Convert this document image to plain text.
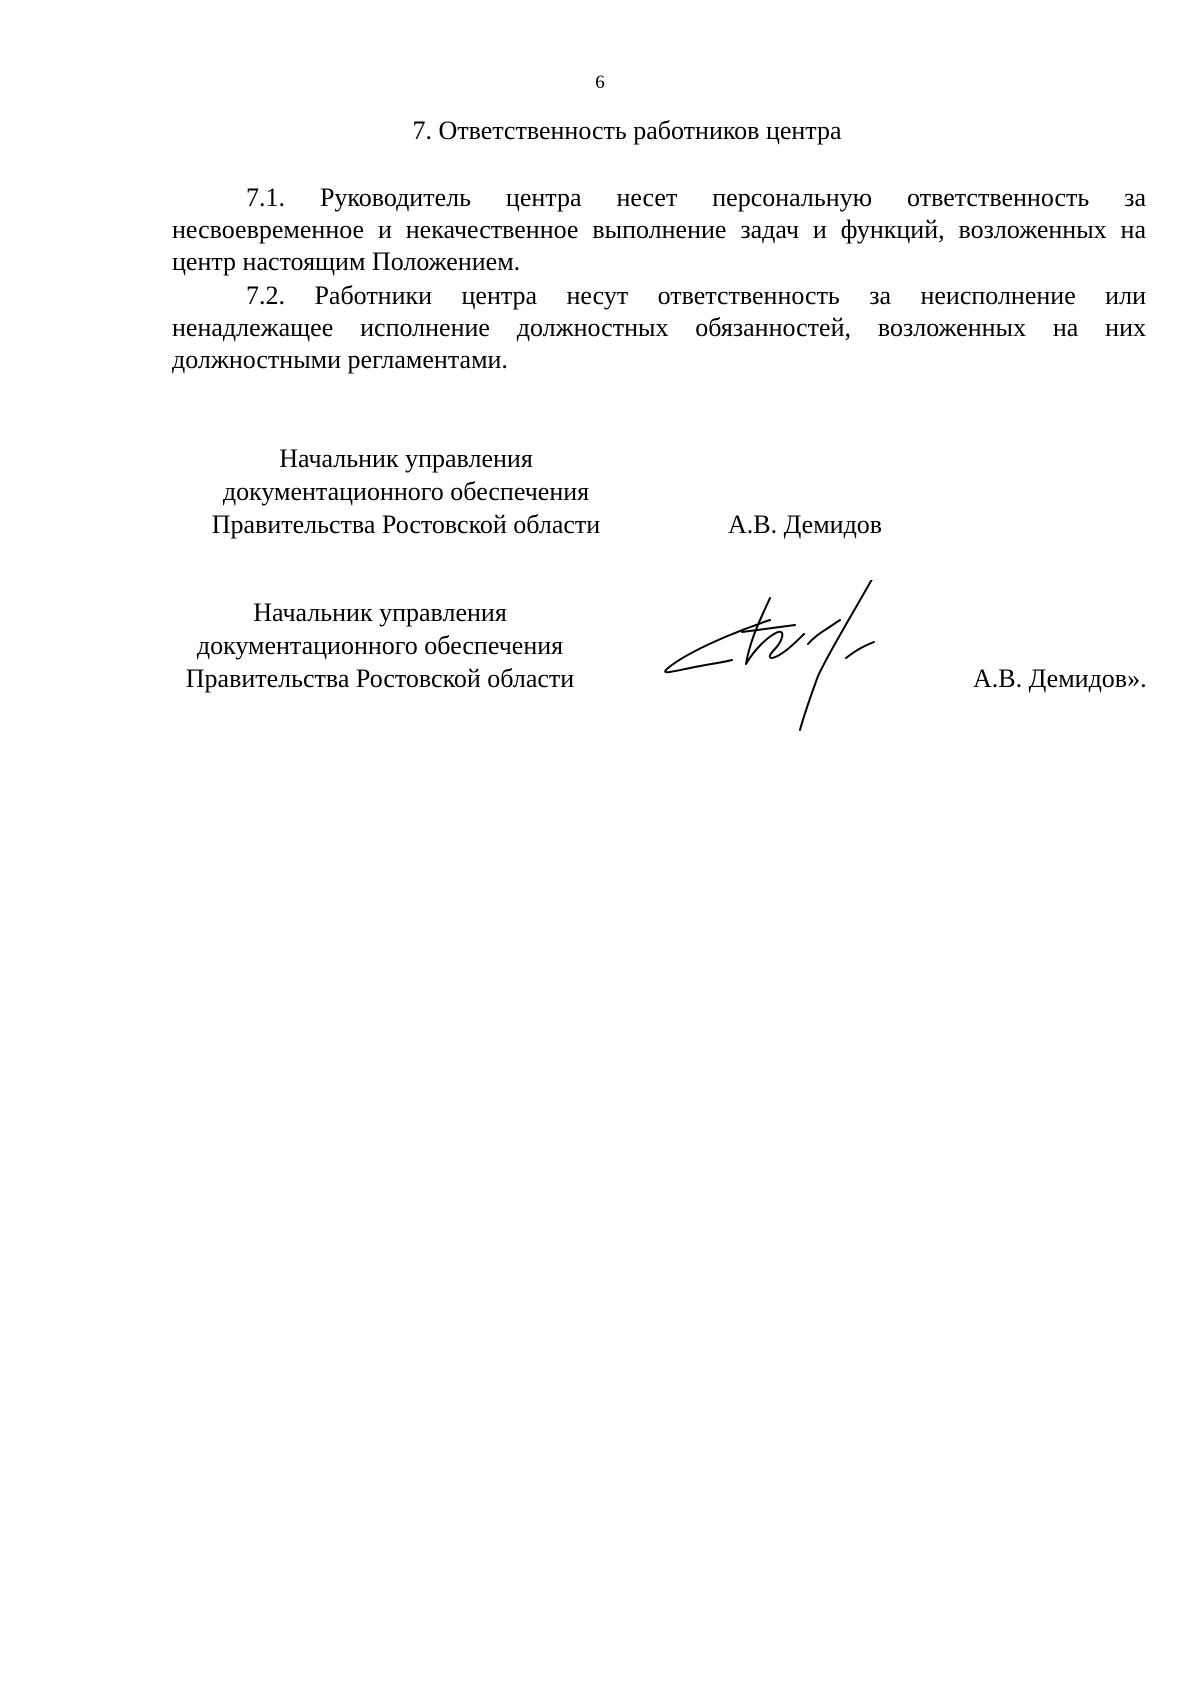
6
7. Ответственность работников центра

7.1. Руководитель центра несет персональную ответственность за несвоевременное и некачественное выполнение задач и функций, возложенных на центр настоящим Положением.

7.2. Работники центра несут ответственность за неисполнение или ненадлежащее исполнение должностных обязанностей, возложенных на них должностными регламентами.

Начальник управления
документационного обеспечения
Правительства Ростовской области	А.В. Демидов
Начальник управления
документационного обеспечения
Правительства Ростовской области	А.В. Демидов».
